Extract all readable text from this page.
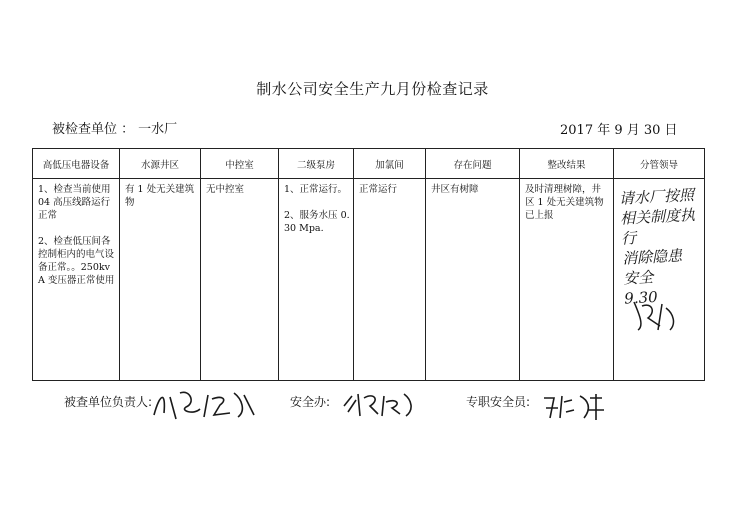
制水公司安全生产九月份检查记录
被检查单位 ： 一水厂	2017 年 9 月 30 日
高低压电器设备	水源井区	中控室	二级泵房	加氯间	存在问题	整改结果	分管领导

1、检查当前使用 04 高压线路运行正常

2、检查低压间各控制柜内的电气设备正常。。250kvA 变压器正常使用	有 1 处无关建筑物	无中控室	1、正常运行。

2、服务水压 0.30 Mpa.	正常运行	井区有树障	及时清理树障，井区 1 处无关建筑物已上报	请水厂按照
相关制度执行
消除隐患
安全
9.30
被查单位负责人:	安全办:	专职安全员:
